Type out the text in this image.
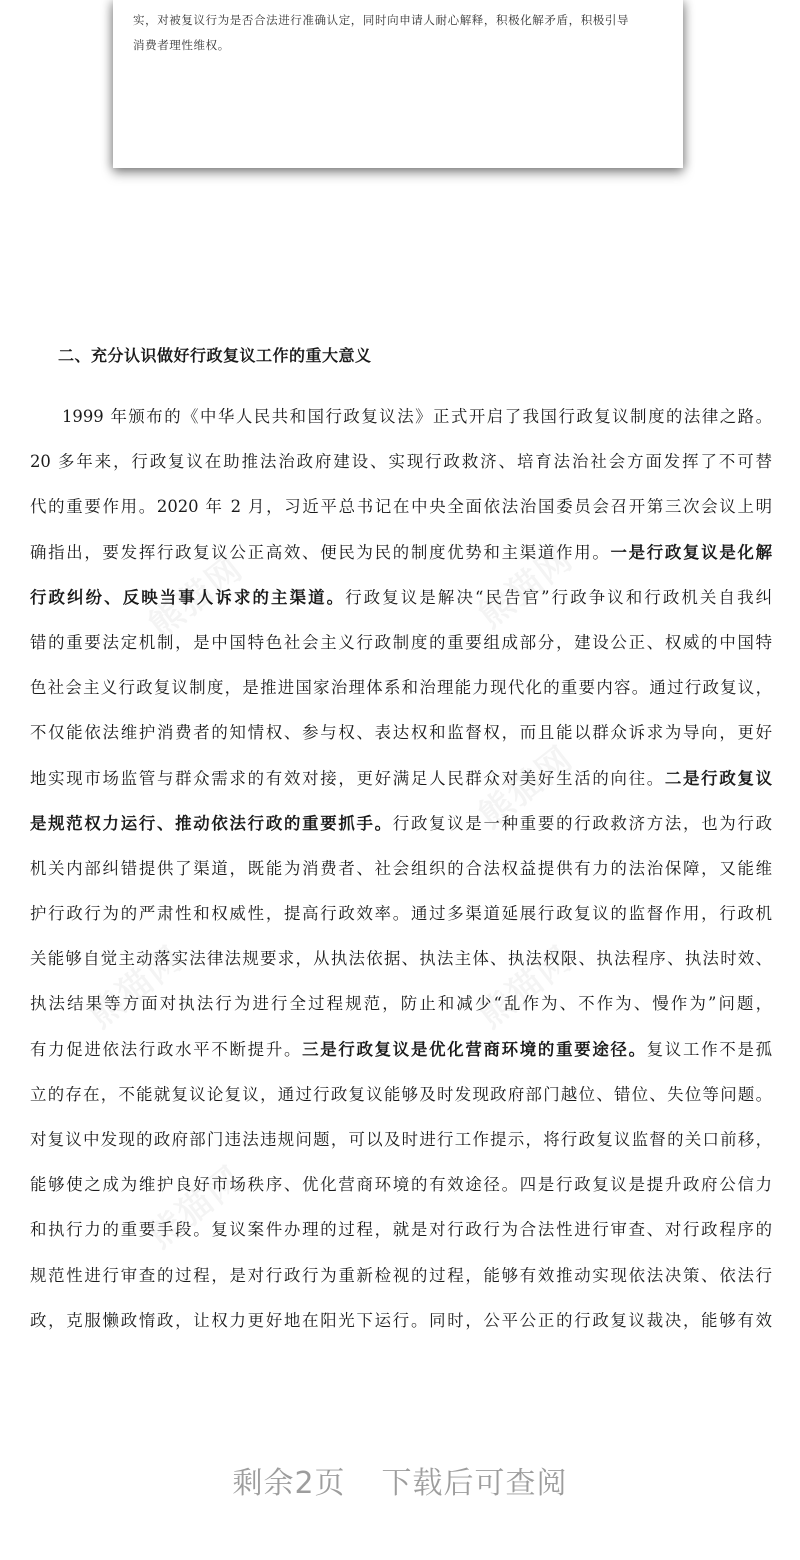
实，对被复议行为是否合法进行准确认定，同时向申请人耐心解释，积极化解矛盾，积极引导

消费者理性维权。

二、充分认识做好行政复议工作的重大意义
1999 年颁布的《中华人民共和国行政复议法》正式开启了我国行政复议制度的法律之路。
20 多年来，行政复议在助推法治政府建设、实现行政救济、培育法治社会方面发挥了不可替
代的重要作用。2020 年 2 月，习近平总书记在中央全面依法治国委员会召开第三次会议上明
确指出，要发挥行政复议公正高效、便民为民的制度优势和主渠道作用。一是行政复议是化解
行政纠纷、反映当事人诉求的主渠道。行政复议是解决“民告官”行政争议和行政机关自我纠
错的重要法定机制，是中国特色社会主义行政制度的重要组成部分，建设公正、权威的中国特
色社会主义行政复议制度，是推进国家治理体系和治理能力现代化的重要内容。通过行政复议，
不仅能依法维护消费者的知情权、参与权、表达权和监督权，而且能以群众诉求为导向，更好
地实现市场监管与群众需求的有效对接，更好满足人民群众对美好生活的向往。二是行政复议
是规范权力运行、推动依法行政的重要抓手。行政复议是一种重要的行政救济方法，也为行政
机关内部纠错提供了渠道，既能为消费者、社会组织的合法权益提供有力的法治保障，又能维
护行政行为的严肃性和权威性，提高行政效率。通过多渠道延展行政复议的监督作用，行政机
关能够自觉主动落实法律法规要求，从执法依据、执法主体、执法权限、执法程序、执法时效、
执法结果等方面对执法行为进行全过程规范，防止和减少“乱作为、不作为、慢作为”问题，
有力促进依法行政水平不断提升。三是行政复议是优化营商环境的重要途径。复议工作不是孤
立的存在，不能就复议论复议，通过行政复议能够及时发现政府部门越位、错位、失位等问题。
对复议中发现的政府部门违法违规问题，可以及时进行工作提示，将行政复议监督的关口前移，
能够使之成为维护良好市场秩序、优化营商环境的有效途径。四是行政复议是提升政府公信力
和执行力的重要手段。复议案件办理的过程，就是对行政行为合法性进行审查、对行政程序的
规范性进行审查的过程，是对行政行为重新检视的过程，能够有效推动实现依法决策、依法行
政，克服懒政惰政，让权力更好地在阳光下运行。同时，公平公正的行政复议裁决，能够有效
剩余2页 下载后可查阅
